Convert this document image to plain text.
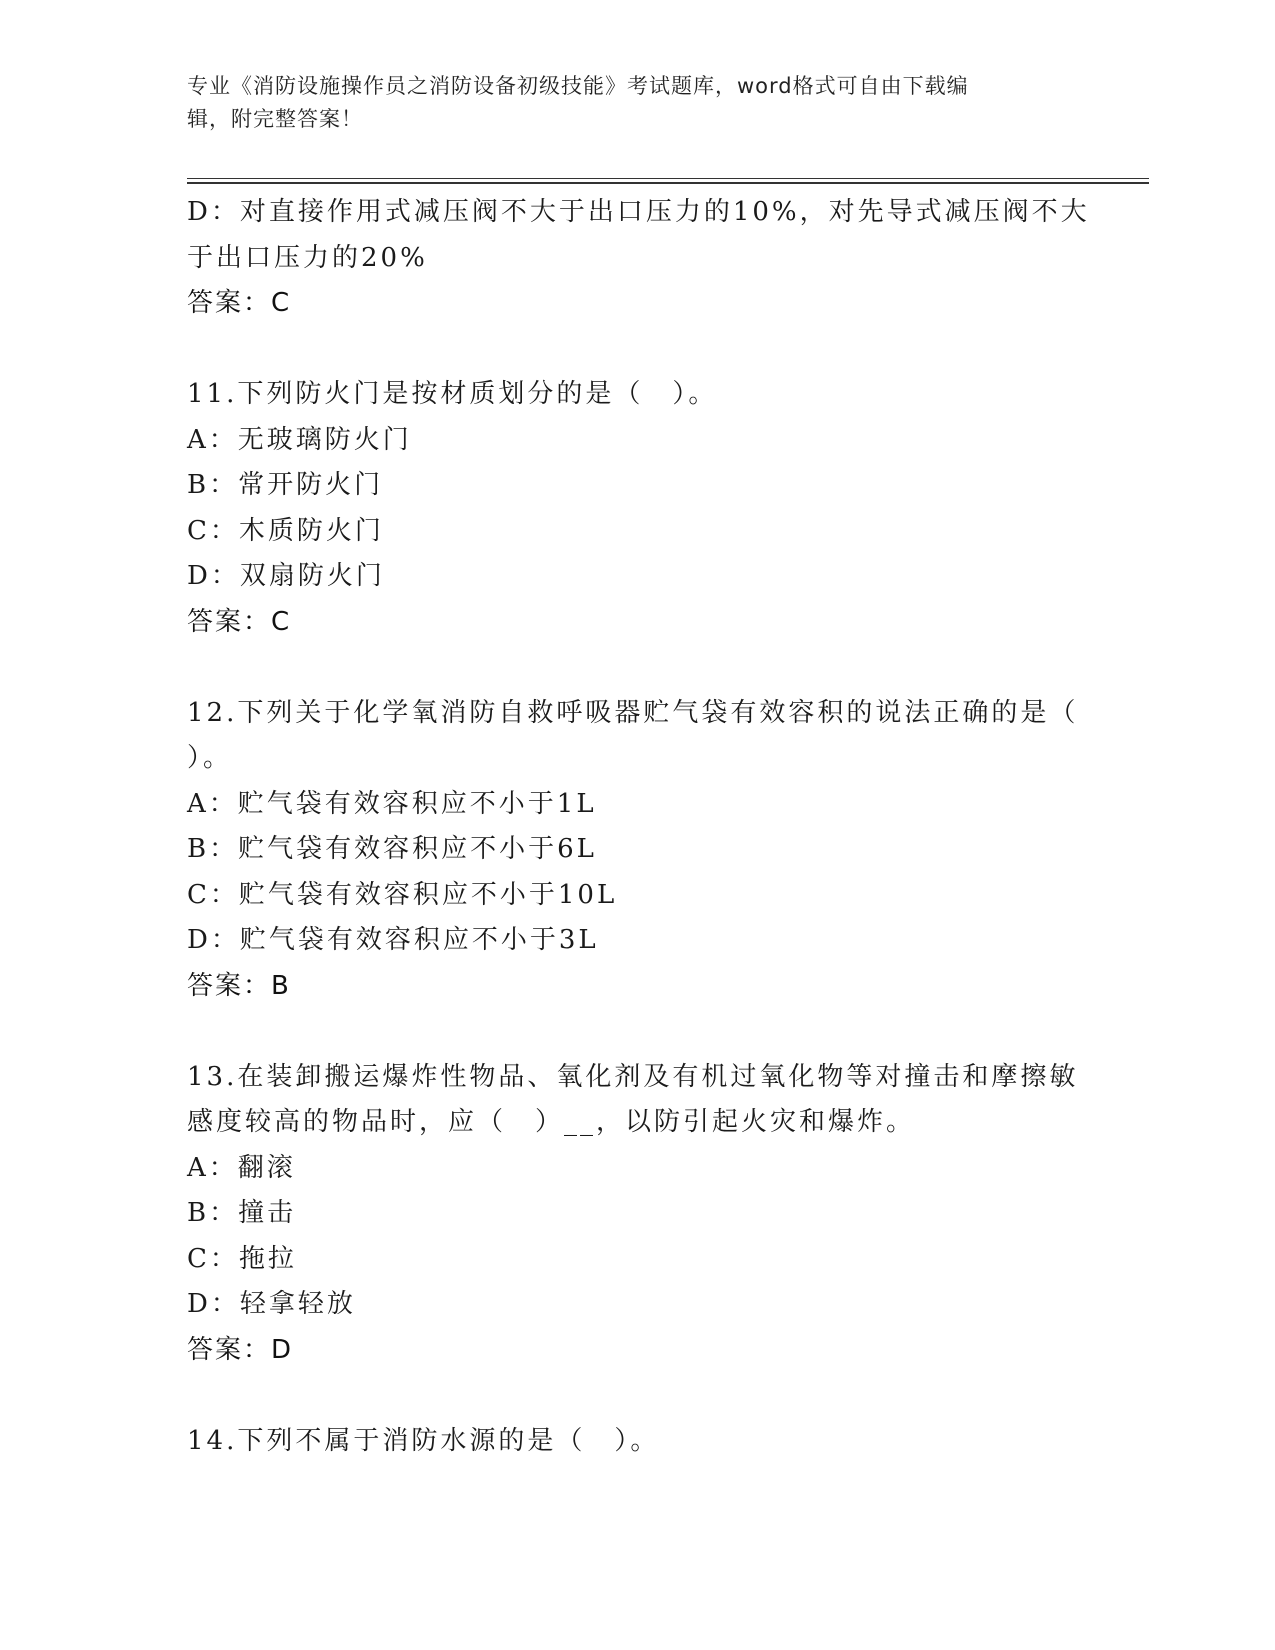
专业《消防设施操作员之消防设备初级技能》考试题库，word格式可自由下载编
辑，附完整答案！
D：对直接作用式减压阀不大于出口压力的10%，对先导式减压阀不大
于出口压力的20%
答案：C
11.下列防火门是按材质划分的是（　）。
A：无玻璃防火门
B：常开防火门
C：木质防火门
D：双扇防火门
答案：C
12.下列关于化学氧消防自救呼吸器贮气袋有效容积的说法正确的是（
）。
A：贮气袋有效容积应不小于1L
B：贮气袋有效容积应不小于6L
C：贮气袋有效容积应不小于10L
D：贮气袋有效容积应不小于3L
答案：B
13.在装卸搬运爆炸性物品、氧化剂及有机过氧化物等对撞击和摩擦敏
感度较高的物品时，应（　）__，以防引起火灾和爆炸。
A：翻滚
B：撞击
C：拖拉
D：轻拿轻放
答案：D
14.下列不属于消防水源的是（　）。
